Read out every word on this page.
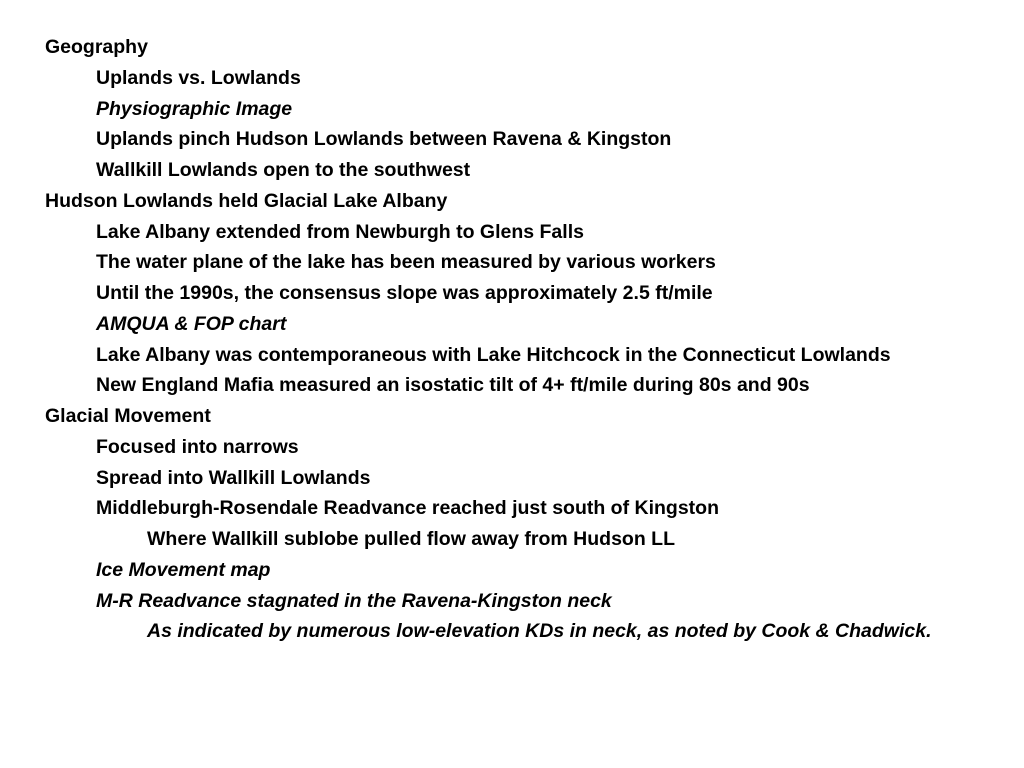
Geography
Uplands vs. Lowlands
Physiographic Image
Uplands pinch Hudson Lowlands between Ravena & Kingston
Wallkill Lowlands open to the southwest
Hudson Lowlands held Glacial Lake Albany
Lake Albany extended from Newburgh to Glens Falls
The water plane of the lake has been measured by various workers
Until the 1990s, the consensus slope was approximately 2.5 ft/mile
AMQUA & FOP chart
Lake Albany was contemporaneous with Lake Hitchcock in the Connecticut Lowlands
New England Mafia measured an isostatic tilt of 4+ ft/mile during 80s and 90s
Glacial Movement
Focused into narrows
Spread into Wallkill Lowlands
Middleburgh-Rosendale Readvance reached just south of Kingston
Where Wallkill sublobe pulled flow away from Hudson LL
Ice Movement map
M-R Readvance stagnated in the Ravena-Kingston neck
As indicated by numerous low-elevation KDs in neck, as noted by Cook & Chadwick.
